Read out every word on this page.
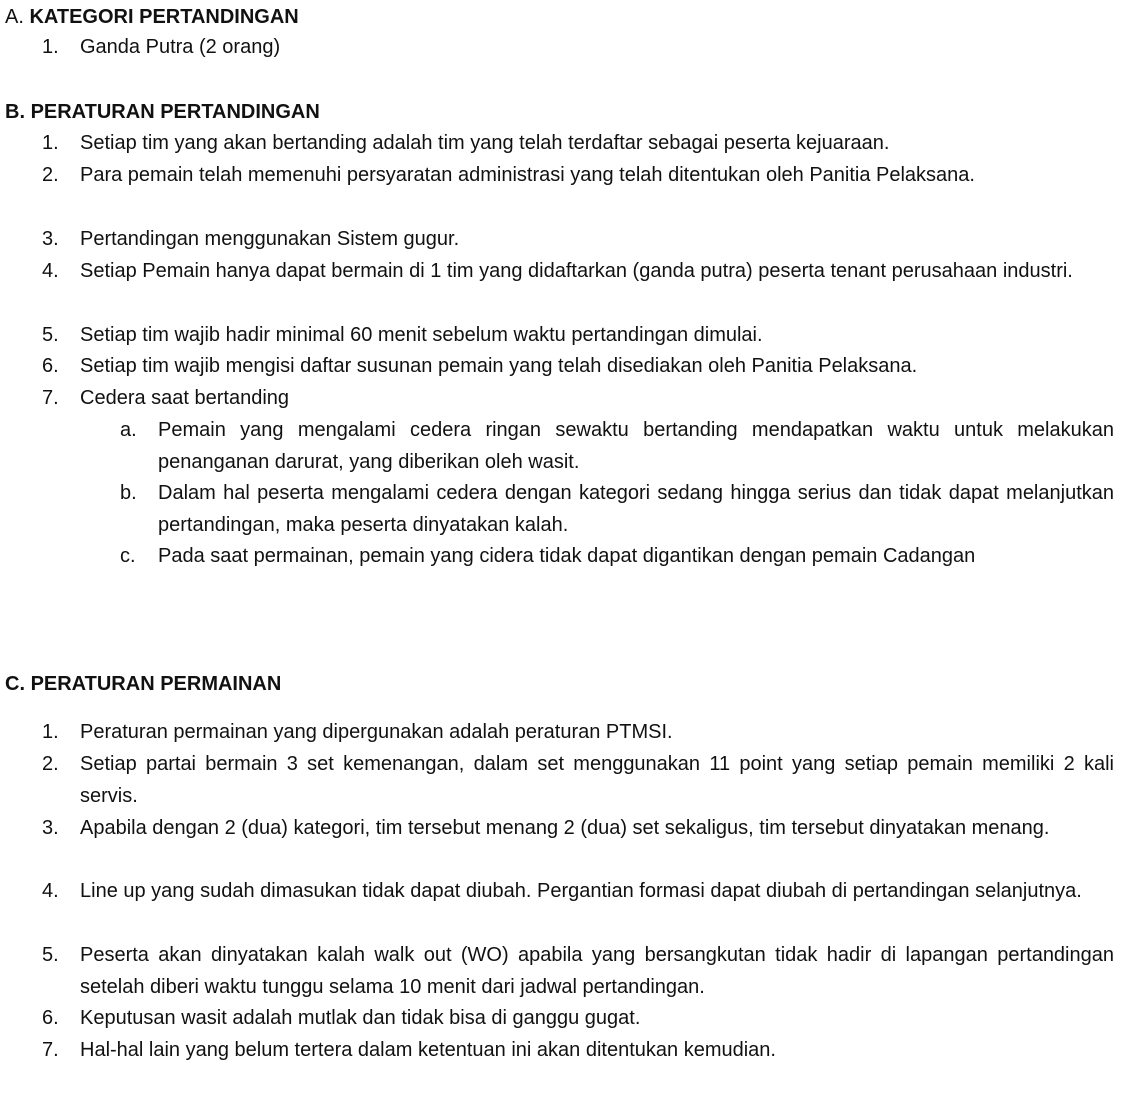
A. KATEGORI PERTANDINGAN
1.	Ganda Putra (2 orang)
B. PERATURAN PERTANDINGAN
1.	Setiap tim yang akan bertanding adalah tim yang telah terdaftar sebagai peserta kejuaraan.
2.	Para pemain telah memenuhi persyaratan administrasi yang telah ditentukan oleh Panitia Pelaksana.
3.	Pertandingan menggunakan Sistem gugur.
4.	Setiap Pemain hanya dapat bermain di 1 tim yang didaftarkan (ganda putra) peserta tenant perusahaan industri.
5.	Setiap tim wajib hadir minimal 60 menit sebelum waktu pertandingan dimulai.
6.	Setiap tim wajib mengisi daftar susunan pemain yang telah disediakan oleh Panitia Pelaksana.
7.	Cedera saat bertanding
a.	Pemain yang mengalami cedera ringan sewaktu bertanding mendapatkan waktu untuk melakukan penanganan darurat, yang diberikan oleh wasit.
b.	Dalam hal peserta mengalami cedera dengan kategori sedang hingga serius dan tidak dapat melanjutkan pertandingan, maka peserta dinyatakan kalah.
c.	Pada saat permainan, pemain yang cidera tidak dapat digantikan dengan pemain Cadangan
C. PERATURAN PERMAINAN
1.	Peraturan permainan yang dipergunakan adalah peraturan PTMSI.
2.	Setiap partai bermain 3 set kemenangan, dalam set menggunakan 11 point yang setiap pemain memiliki 2 kali servis.
3.	Apabila dengan 2 (dua) kategori, tim tersebut menang 2 (dua) set sekaligus, tim tersebut dinyatakan menang.
4.	Line up yang sudah dimasukan tidak dapat diubah. Pergantian formasi dapat diubah di pertandingan selanjutnya.
5.	Peserta akan dinyatakan kalah walk out (WO) apabila yang bersangkutan tidak hadir di lapangan pertandingan setelah diberi waktu tunggu selama 10 menit dari jadwal pertandingan.
6.	Keputusan wasit adalah mutlak dan tidak bisa di ganggu gugat.
7.	Hal-hal lain yang belum tertera dalam ketentuan ini akan ditentukan kemudian.
